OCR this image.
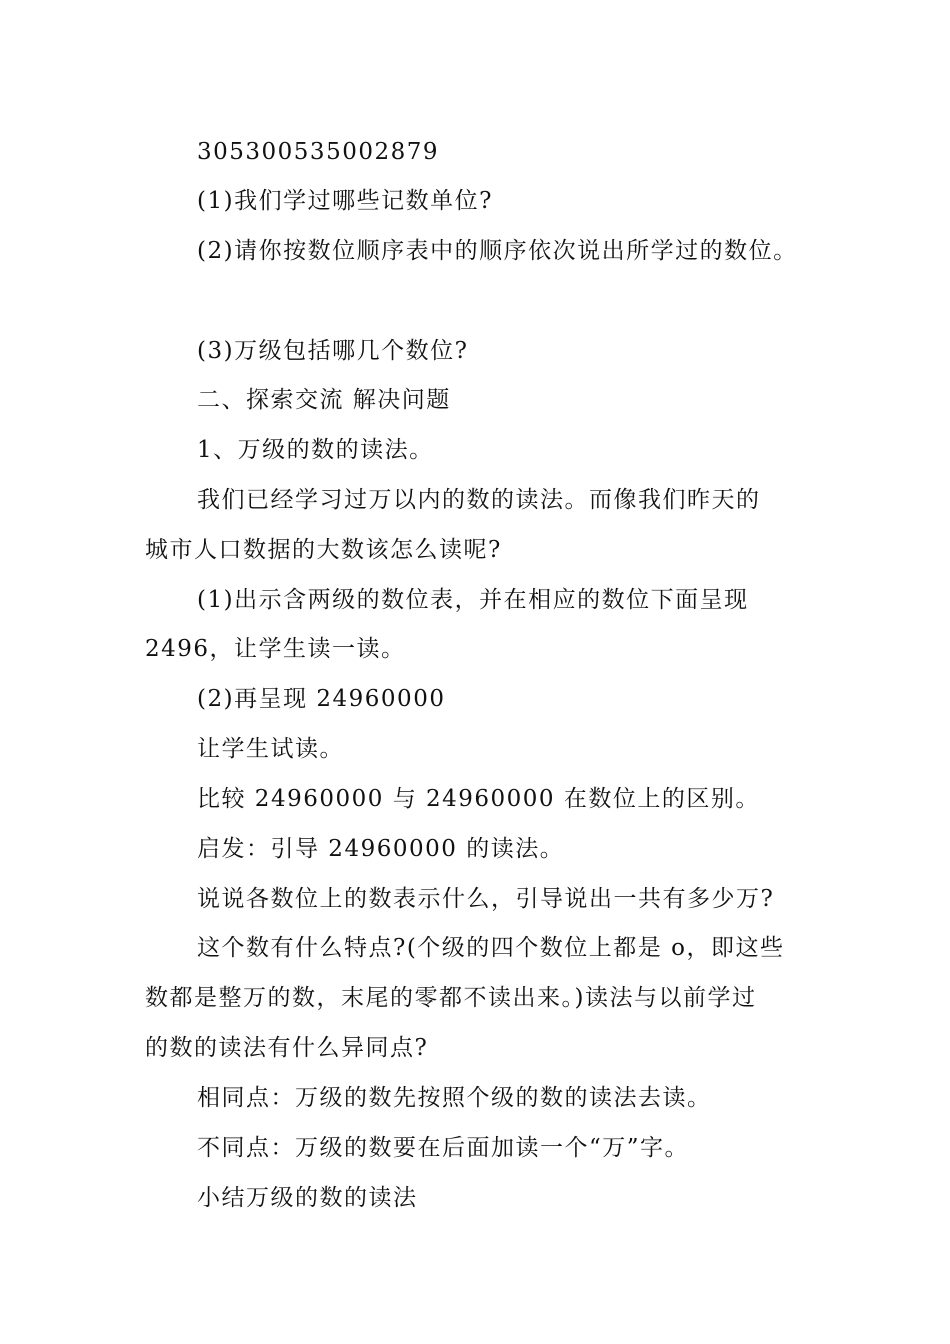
305300535002879
(1)我们学过哪些记数单位?
(2)请你按数位顺序表中的顺序依次说出所学过的数位。
(3)万级包括哪几个数位?
二、探索交流 解决问题
1、万级的数的读法。
我们已经学习过万以内的数的读法。而像我们昨天的
城市人口数据的大数该怎么读呢?
(1)出示含两级的数位表，并在相应的数位下面呈现
2496，让学生读一读。
(2)再呈现 24960000
让学生试读。
比较 24960000 与 24960000 在数位上的区别。
启发：引导 24960000 的读法。
说说各数位上的数表示什么，引导说出一共有多少万?
这个数有什么特点?(个级的四个数位上都是 o，即这些
数都是整万的数，末尾的零都不读出来。)读法与以前学过
的数的读法有什么异同点?
相同点：万级的数先按照个级的数的读法去读。
不同点：万级的数要在后面加读一个“万”字。
小结万级的数的读法
